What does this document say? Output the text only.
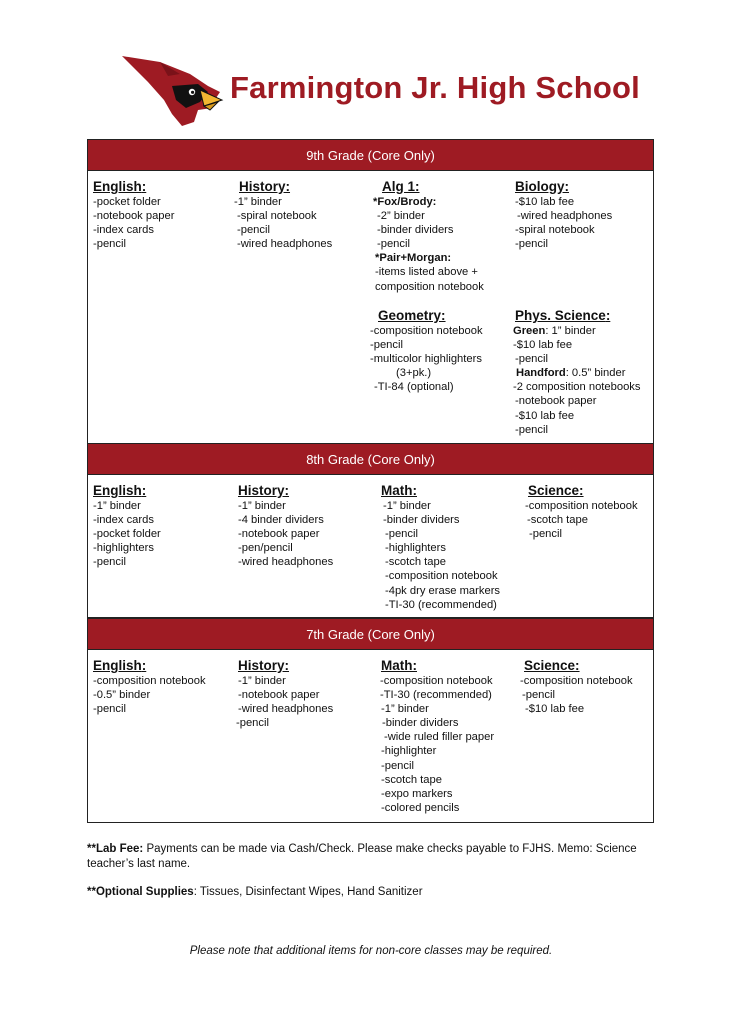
Farmington Jr. High School
9th Grade (Core Only)
English:
-pocket folder
-notebook paper
-index cards
-pencil
History:
-1” binder
-spiral notebook
-pencil
-wired headphones
Alg 1:
*Fox/Brody:
-2” binder
-binder dividers
-pencil
*Pair+Morgan:
-items listed above +
composition notebook
Biology:
-$10 lab fee
-wired headphones
-spiral notebook
-pencil
Geometry:
-composition notebook
-pencil
-multicolor highlighters
(3+pk.)
-TI-84 (optional)
Phys. Science:
Green: 1” binder
-$10 lab fee
-pencil
Handford: 0.5” binder
-2 composition notebooks
-notebook paper
-$10 lab fee
-pencil
8th Grade (Core Only)
English:
-1” binder
-index cards
-pocket folder
-highlighters
-pencil
History:
-1” binder
-4 binder dividers
-notebook paper
-pen/pencil
-wired headphones
Math:
-1” binder
-binder dividers
-pencil
-highlighters
-scotch tape
-composition notebook
-4pk dry erase markers
-TI-30 (recommended)
Science:
-composition notebook
-scotch tape
-pencil
7th Grade (Core Only)
English:
-composition notebook
-0.5” binder
-pencil
History:
-1” binder
-notebook paper
-wired headphones
-pencil
Math:
-composition notebook
-TI-30 (recommended)
-1” binder
-binder dividers
-wide ruled filler paper
-highlighter
-pencil
-scotch tape
-expo markers
-colored pencils
Science:
-composition notebook
-pencil
-$10 lab fee
**Lab Fee: Payments can be made via Cash/Check. Please make checks payable to FJHS. Memo: Science teacher’s last name.
**Optional Supplies: Tissues, Disinfectant Wipes, Hand Sanitizer
Please note that additional items for non-core classes may be required.
